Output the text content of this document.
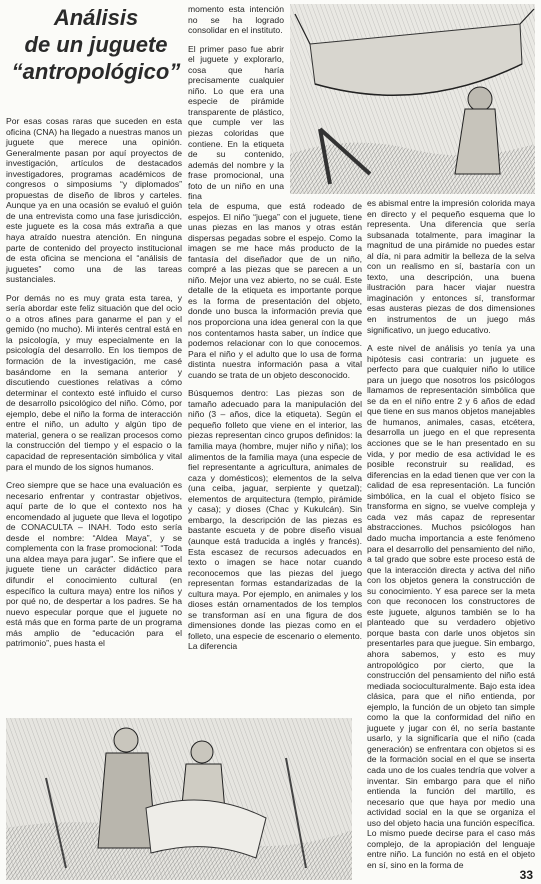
Análisis
de un juguete
“antropológico”

Por esas cosas raras que suceden en esta oficina (CNA) ha llegado a nuestras manos un juguete que merece una opinión. Generalmente pasan por aquí proyectos de investigación, artículos de destacados investigadores, programas académicos de congresos o simposiums “y diplomados” propuestas de diseño de libros y carteles. Aunque ya en una ocasión se evaluó el guión de una entrevista como una fase jurisdicción, este juguete es la cosa más extraña a que haya atraído nuestra atención. En ninguna parte de contenido del proyecto institucional de esta oficina se menciona el “análisis de juguetes” como una de las tareas sustanciales.

Por demás no es muy grata esta tarea, y sería abordar este feliz situación que del ocio o a otros afines para ganarme el pan y el gemido (no mucho). Mi interés central está en la psicología, y muy especialmente en la psicología del desarrollo. En los tiempos de formación de la investigación, me casé basándome en la semana anterior y discutiendo cuestiones relativas a cómo determinar el contexto esté influido el curso de desarrollo psicológico del niño. Cómo, por ejemplo, debe el niño la forma de interacción entre el niño, un adulto y algún tipo de material, genera o se realizan procesos como la construcción del tiempo y el espacio o la capacidad de representación simbólica y vital para el mundo de los signos humanos.

Creo siempre que se hace una evaluación es necesario enfrentar y contrastar objetivos, aquí parte de lo que el contexto nos ha encomendado al juguete que lleva el logotipo de CONACULTA – INAH. Todo esto sería desde el nombre: “Aldea Maya”, y se complementa con la frase promocional: “Toda una aldea maya para jugar”. Se infiere que el juguete tiene un carácter didáctico para difundir el conocimiento cultural (en específico la cultura maya) entre los niños y por qué no, de despertar a los padres. Se ha nuevo especular porque que el juguete no está más que en forma parte de un programa más amplio de “educación para el patrimonio”, pues hasta el

momento esta intención no se ha logrado consolidar en el instituto.

El primer paso fue abrir el juguete y explorarlo, cosa que haría precisamente cualquier niño. Lo que era una especie de pirámide transparente de plástico, que cumple ver las piezas coloridas que contiene. En la etiqueta de su contenido, además del nombre y la frase promocional, una foto de un niño en una fina

tela de espuma, que está rodeado de espejos. El niño “juega” con el juguete, tiene unas piezas en las manos y otras están dispersas pegadas sobre el espejo. Como la imagen se me hace más producto de la fantasía del diseñador que de un niño, compré a las piezas que se parecen a un niño. Mejor una vez abierto, no se cuál. Este detalle de la etiqueta es importante porque es la forma de presentación del objeto, donde uno busca la información previa que nos proporciona una idea general con la que nos contentamos hasta saber, un índice que podemos relacionar con lo que conocemos. Para el niño y el adulto que lo usa de forma distinta nuestra información pasa a vital cuando se trata de un objeto desconocido.

Búsquemos dentro: Las piezas son de tamaño adecuado para la manipulación del niño (3 – años, dice la etiqueta). Según el pequeño folleto que viene en el interior, las piezas representan cinco grupos definidos: la familia maya (hombre, mujer niño y niña); los alimentos de la familia maya (una especie de fiel representante a agricultura, animales de caza y domésticos); elementos de la selva (una ceiba, jaguar, serpiente y quetzal); elementos de arquitectura (templo, pirámide y casa); y dioses (Chac y Kukulcán). Sin embargo, la descripción de las piezas es bastante escueta y de pobre diseño visual (aunque está traducida a inglés y francés). Esta escasez de recursos adecuados en texto o imagen se hace notar cuando reconocemos que las piezas del juego representan formas estandarizadas de la cultura maya. Por ejemplo, en animales y los dioses están ornamentados de los templos se transforman así en una figura de dos dimensiones donde las piezas como en el folleto, una especie de escenario o elemento. La diferencia

es abismal entre la impresión colorida maya en directo y el pequeño esquema que lo representa. Una diferencia que sería subsanada totalmente, para imaginar la magnitud de una pirámide no puedes estar al día, ni para admitir la belleza de la selva con un realismo en sí, bastaría con un texto, una descripción, una buena ilustración para hacer viajar nuestra imaginación y entonces sí, transformar esas austeras piezas de dos dimensiones en instrumentos de un juego más significativo, un juego educativo.

A este nivel de análisis yo tenía ya una hipótesis casi contraria: un juguete es perfecto para que cualquier niño lo utilice para un juego que nosotros los psicólogos llamamos de representación simbólica que se da en el niño entre 2 y 6 años de edad que tiene en sus manos objetos manejables de humanos, animales, casas, etcétera, desarrolla un juego en el que representa acciones que se le han presentado en su vida, y por medio de esa actividad le es posible reconstruir su realidad, es diferencias en la edad tienen que ver con la calidad de esa representación. La función simbólica, en la cual el objeto físico se transforma en signo, se vuelve compleja y cada vez más capaz de representar abstracciones. Muchos psicólogos han dado mucha importancia a este fenómeno para el desarrollo del pensamiento del niño, a tal grado que sobre este proceso está de que la interacción directa y activa del niño con los objetos genera la construcción de su conocimiento. Y esa parece ser la meta con que reconocen los constructores de este juguete, algunos también se lo ha planteado que su verdadero objetivo porque basta con darle unos objetos sin presentarles para que juegue. Sin embargo, ahora sabemos, y esto es muy antropológico por cierto, que la construcción del pensamiento del niño está mediada socioculturalmente. Bajo esta idea clásica, para que el niño entienda, por ejemplo, la función de un objeto tan simple como la que la conformidad del niño en juguete y jugar con él, no sería bastante usarlo, y la significaría que el niño (cada generación) se enfrentara con objetos si es de la formación social en el que se inserta cada uno de los cuales tendría que volver a inventar. Sin embargo para que el niño entienda la función del martillo, es necesario que que haya por medio una actividad social en la que se organiza el uso del objeto hacia una función específica. Lo mismo puede decirse para el caso más complejo, de la apropiación del lenguaje entre niño. La función no está en el objeto en sí, sino en la forma de

33
